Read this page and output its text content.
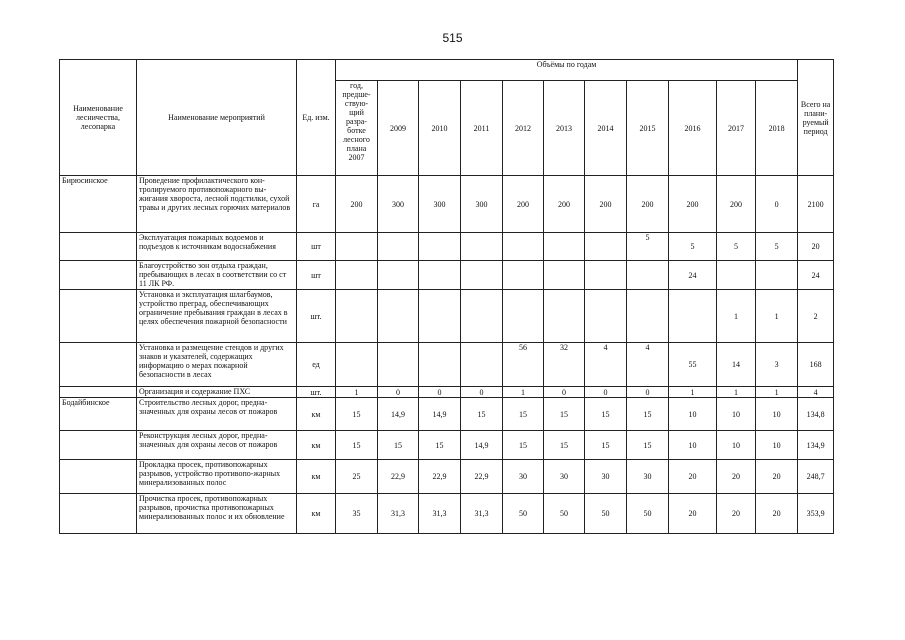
515
Наименование лесничества, лесопарка	Наименование мероприятий	Ед. изм.	Объёмы по годам											Всего на плани-руемый период
			год, предше-ствую-щий разра-ботке лесного плана 2007	2009	2010	2011	2012	2013	2014	2015	2016	2017	2018	
Бирюсинское	Проведение профилактического кон-тролируемого противопожарного вы-жигания хвороста, лесной подстилки, сухой травы и других лесных горючих материалов	га	200	300	300	300	200	200	200	200	200	200	0	2100
	Эксплуатация пожарных водоемов и подъездов к источникам водоснабжения	шт								5	5	5	5	20
	Благоустройство зон отдыха граждан, пребывающих в лесах в соответствии со ст 11 ЛК РФ.	шт									24			24
	Установка и эксплуатация шлагбаумов, устройство преград, обеспечивающих ограничение пребывания граждан в лесах в целях обеспечения пожарной безопасности	шт.										1	1	2
	Установка и размещение стендов и других знаков и указателей, содержащих информацию о мерах пожарной безопасности в лесах	ед					56	32	4	4	55	14	3	168
	Организация и содержание ПХС	шт.	1	0	0	0	1	0	0	0	1	1	1	4
Бодайбинское	Строительство лесных дорог, предна-значенных для охраны лесов от пожаров	км	15	14,9	14,9	15	15	15	15	15	10	10	10	134,8
	Реконструкция лесных дорог, предна-значенных для охраны лесов от пожаров	км	15	15	15	14,9	15	15	15	15	10	10	10	134,9
	Прокладка просек, противопожарных разрывов, устройство противопо-жарных минерализованных полос	км	25	22,9	22,9	22,9	30	30	30	30	20	20	20	248,7
	Прочистка просек, противопожарных разрывов, прочистка противопожарных минерализованных полос и их обновление	км	35	31,3	31,3	31,3	50	50	50	50	20	20	20	353,9
